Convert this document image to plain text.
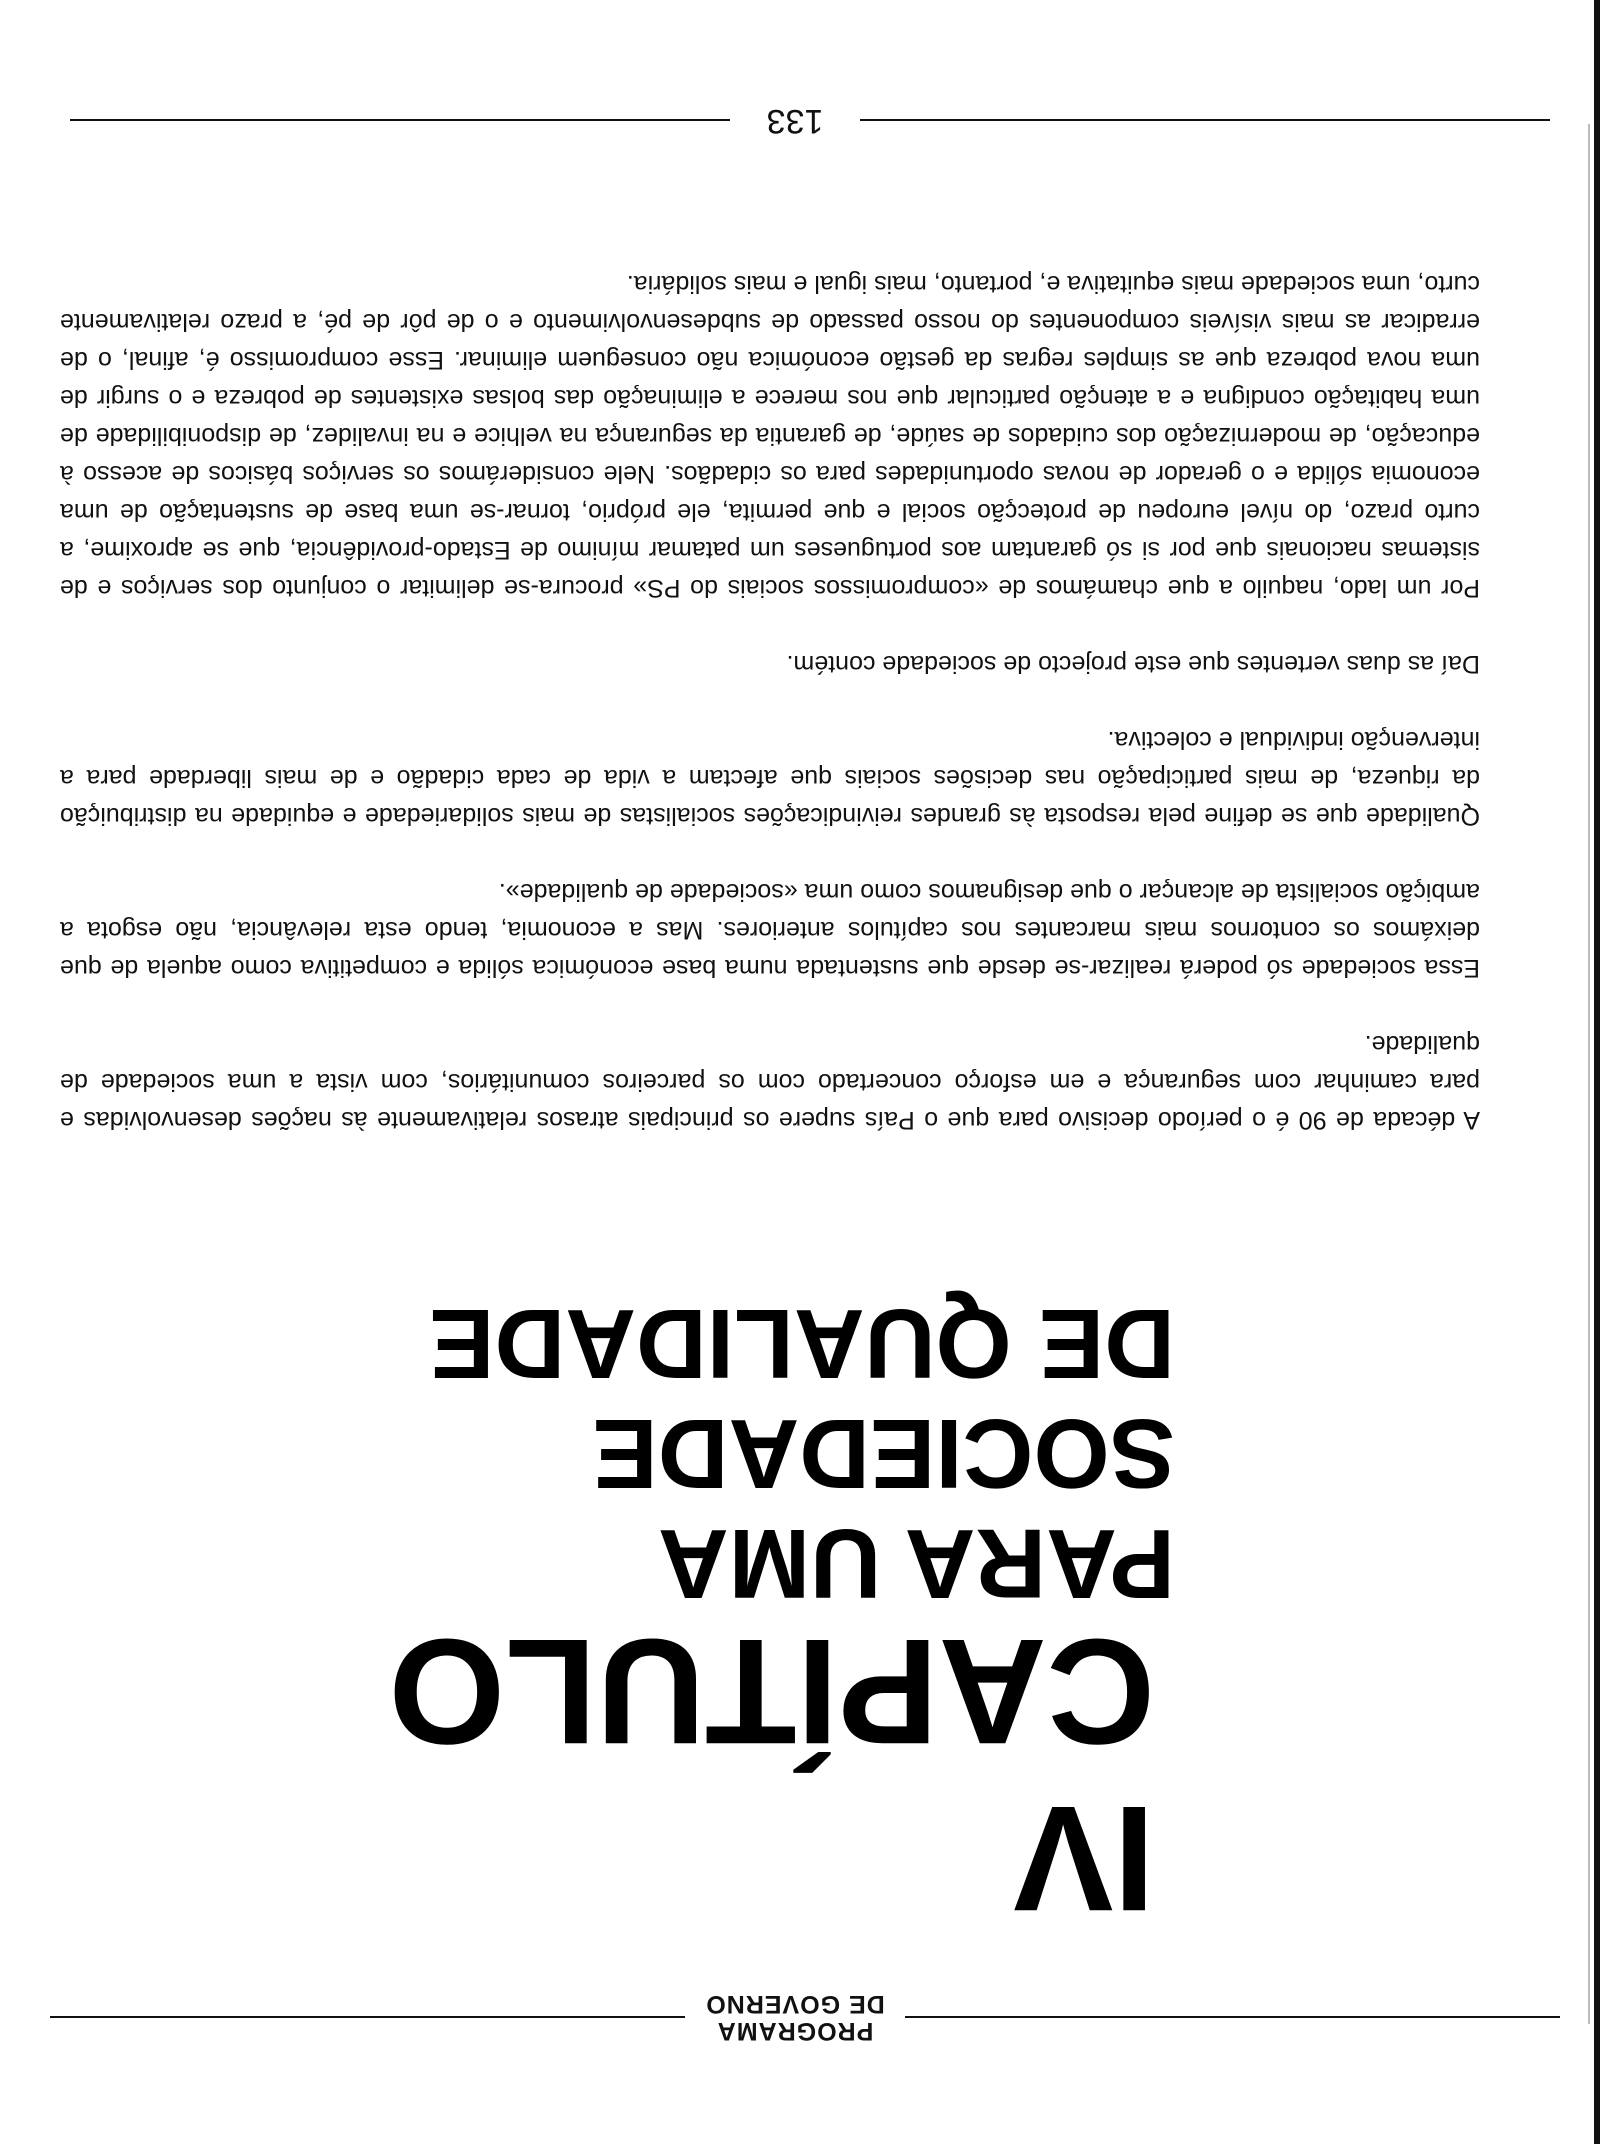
PROGRAMA
DE GOVERNO
IV
CAPÍTULO
PARA UMA SOCIEDADE
DE QUALIDADE

A década de 90 é o período decisivo para que o País supere os principais atrasos relativamente às nações desenvolvidas e para caminhar com segurança e em esforço concertado com os parceiros comunitários, com vista a uma sociedade de qualidade.

Essa sociedade só poderá realizar-se desde que sustentada numa base económica sólida e competitiva como aquela de que deixámos os contornos mais marcantes nos capítulos anteriores. Mas a economia, tendo esta relevância, não esgota a ambição socialista de alcançar o que designamos como uma «sociedade de qualidade».

Qualidade que se define pela resposta às grandes reivindicações socialistas de mais solidariedade e equidade na distribuição da riqueza, de mais participação nas decisões sociais que afectam a vida de cada cidadão e de mais liberdade para a intervenção individual e colectiva.

Daí as duas vertentes que este projecto de sociedade contém.

Por um lado, naquilo a que chamámos de «compromissos sociais do PS» procura-se delimitar o conjunto dos serviços e de sistemas nacionais que por si só garantam aos portugueses um patamar mínimo de Estado-providência, que se aproxime, a curto prazo, do nível europeu de protecção social e que permita, ele próprio, tornar-se uma base de sustentação de uma economia sólida e o gerador de novas oportunidades para os cidadãos. Nele considerámos os serviços básicos de acesso à educação, de modernização dos cuidados de saúde, de garantia da segurança na velhice e na invalidez, de disponibilidade de uma habitação condigna e a atenção particular que nos merece a eliminação das bolsas existentes de pobreza e o surgir de uma nova pobreza que as simples regras da gestão económica não conseguem eliminar. Esse compromisso é, afinal, o de erradicar as mais visíveis componentes do nosso passado de subdesenvolvimento e o de pôr de pé, a prazo relativamente curto, uma sociedade mais equitativa e, portanto, mais igual e mais solidária.

133
